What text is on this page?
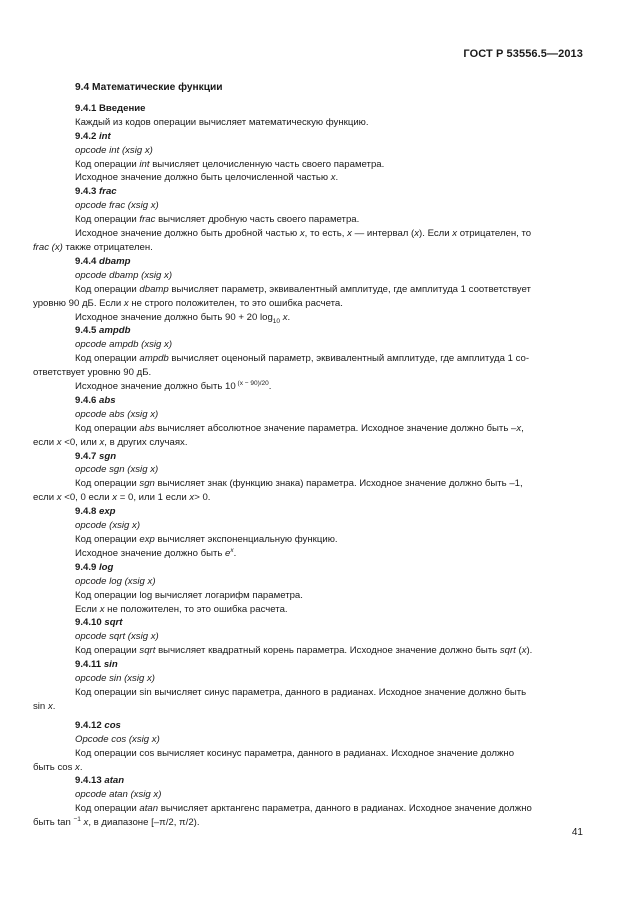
ГОСТ Р 53556.5—2013

9.4 Математические функции

9.4.1 Введение

Каждый из кодов операции вычисляет математическую функцию.

9.4.2 int

opcode int (xsig x)

Код операции int вычисляет целочисленную часть своего параметра.

Исходное значение должно быть целочисленной частью x.

9.4.3 frac

opcode frac (xsig x)

Код операции frac вычисляет дробную часть своего параметра.

Исходное значение должно быть дробной частью x, то есть, x — интервал (x). Если x отрицателен, то
frac (x) также отрицателен.

9.4.4 dbamp

opcode dbamp (xsig x)

Код операции dbamp вычисляет параметр, эквивалентный амплитуде, где амплитуда 1 соответствует
уровню 90 дБ. Если x не строго положителен, то это ошибка расчета.

Исходное значение должно быть 90 + 20 $\log_{10} x$.

9.4.5 ampdb

opcode ampdb (xsig x)

Код операции ampdb вычисляет оценоный параметр, эквивалентный амплитуде, где амплитуда 1 со-
ответствует уровню 90 дБ.

Исходное значение должно быть 10 $^{(x - 90)/20}$.

9.4.6 abs

opcode abs (xsig x)

Код операции abs вычисляет абсолютное значение параметра. Исходное значение должно быть –x,
если x <0, или x, в других случаях.

9.4.7 sgn

opcode sgn (xsig x)

Код операции sgn вычисляет знак (функцию знака) параметра. Исходное значение должно быть –1,
если x <0, 0 если x = 0, или 1 если x> 0.

9.4.8 exp

opcode (xsig x)

Код операции exp вычисляет экспоненциальную функцию.

Исходное значение должно быть $e^x$.

9.4.9 log

opcode log (xsig x)

Код операции log вычисляет логарифм параметра.

Если x не положителен, то это ошибка расчета.

9.4.10 sqrt

opcode sqrt (xsig x)

Код операции sqrt вычисляет квадратный корень параметра. Исходное значение должно быть sqrt (x).

9.4.11 sin

opcode sin (xsig x)

Код операции sin вычисляет синус параметра, данного в радианах. Исходное значение должно быть
sin x.

9.4.12 cos

Opcode cos (xsig x)

Код операции cos вычисляет косинус параметра, данного в радианах. Исходное значение должно
быть cos x.

9.4.13 atan

opcode atan (xsig x)

Код операции atan вычисляет арктангенс параметра, данного в радианах. Исходное значение должно
быть tan $^{-1}$ x, в диапазоне [–π/2, π/2).

41
